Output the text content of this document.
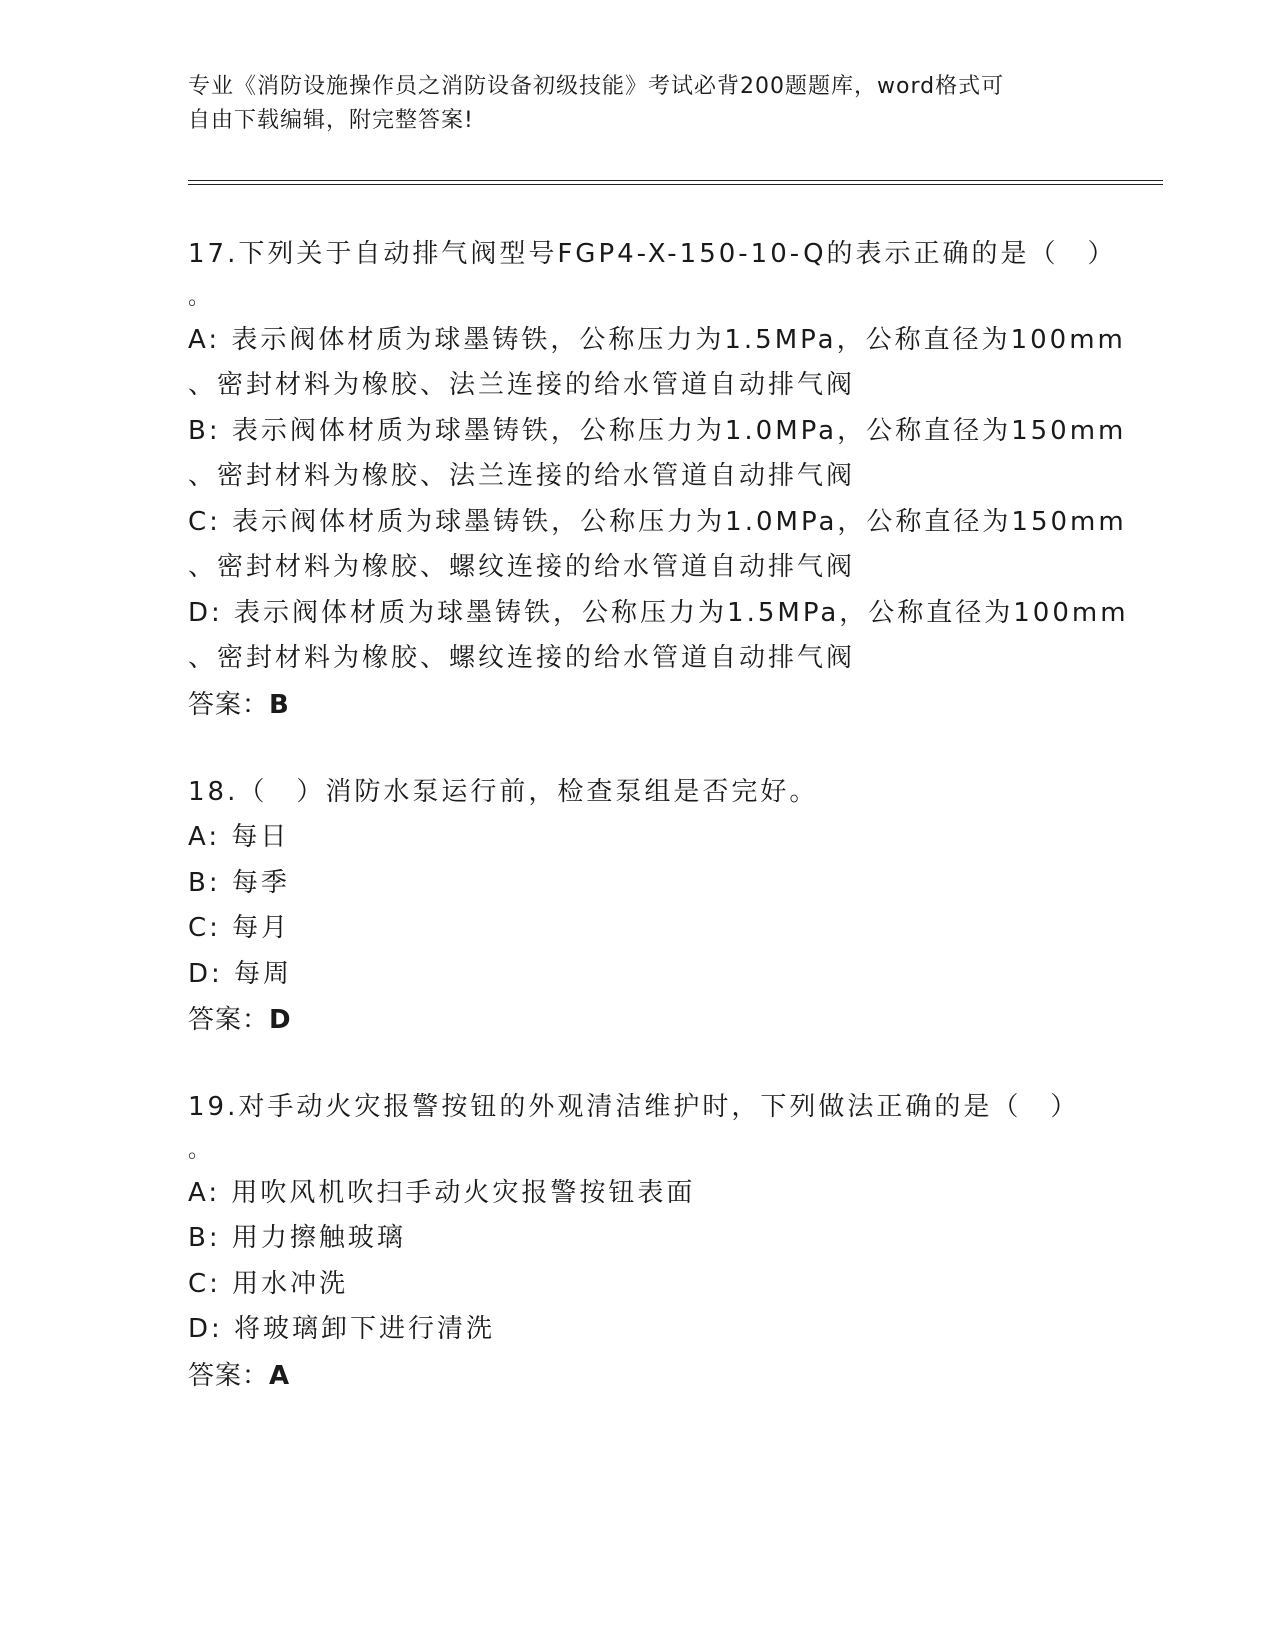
专业《消防设施操作员之消防设备初级技能》考试必背200题题库，word格式可
自由下载编辑，附完整答案!
17.下列关于自动排气阀型号FGP4-X-150-10-Q的表示正确的是（　）
。
A: 表示阀体材质为球墨铸铁，公称压力为1.5MPa，公称直径为100mm
、密封材料为橡胶、法兰连接的给水管道自动排气阀
B: 表示阀体材质为球墨铸铁，公称压力为1.0MPa，公称直径为150mm
、密封材料为橡胶、法兰连接的给水管道自动排气阀
C: 表示阀体材质为球墨铸铁，公称压力为1.0MPa，公称直径为150mm
、密封材料为橡胶、螺纹连接的给水管道自动排气阀
D: 表示阀体材质为球墨铸铁，公称压力为1.5MPa，公称直径为100mm
、密封材料为橡胶、螺纹连接的给水管道自动排气阀
答案：B
18.（　）消防水泵运行前，检查泵组是否完好。
A: 每日
B: 每季
C: 每月
D: 每周
答案：D
19.对手动火灾报警按钮的外观清洁维护时，下列做法正确的是（　）
。
A: 用吹风机吹扫手动火灾报警按钮表面
B: 用力擦触玻璃
C: 用水冲洗
D: 将玻璃卸下进行清洗
答案：A
